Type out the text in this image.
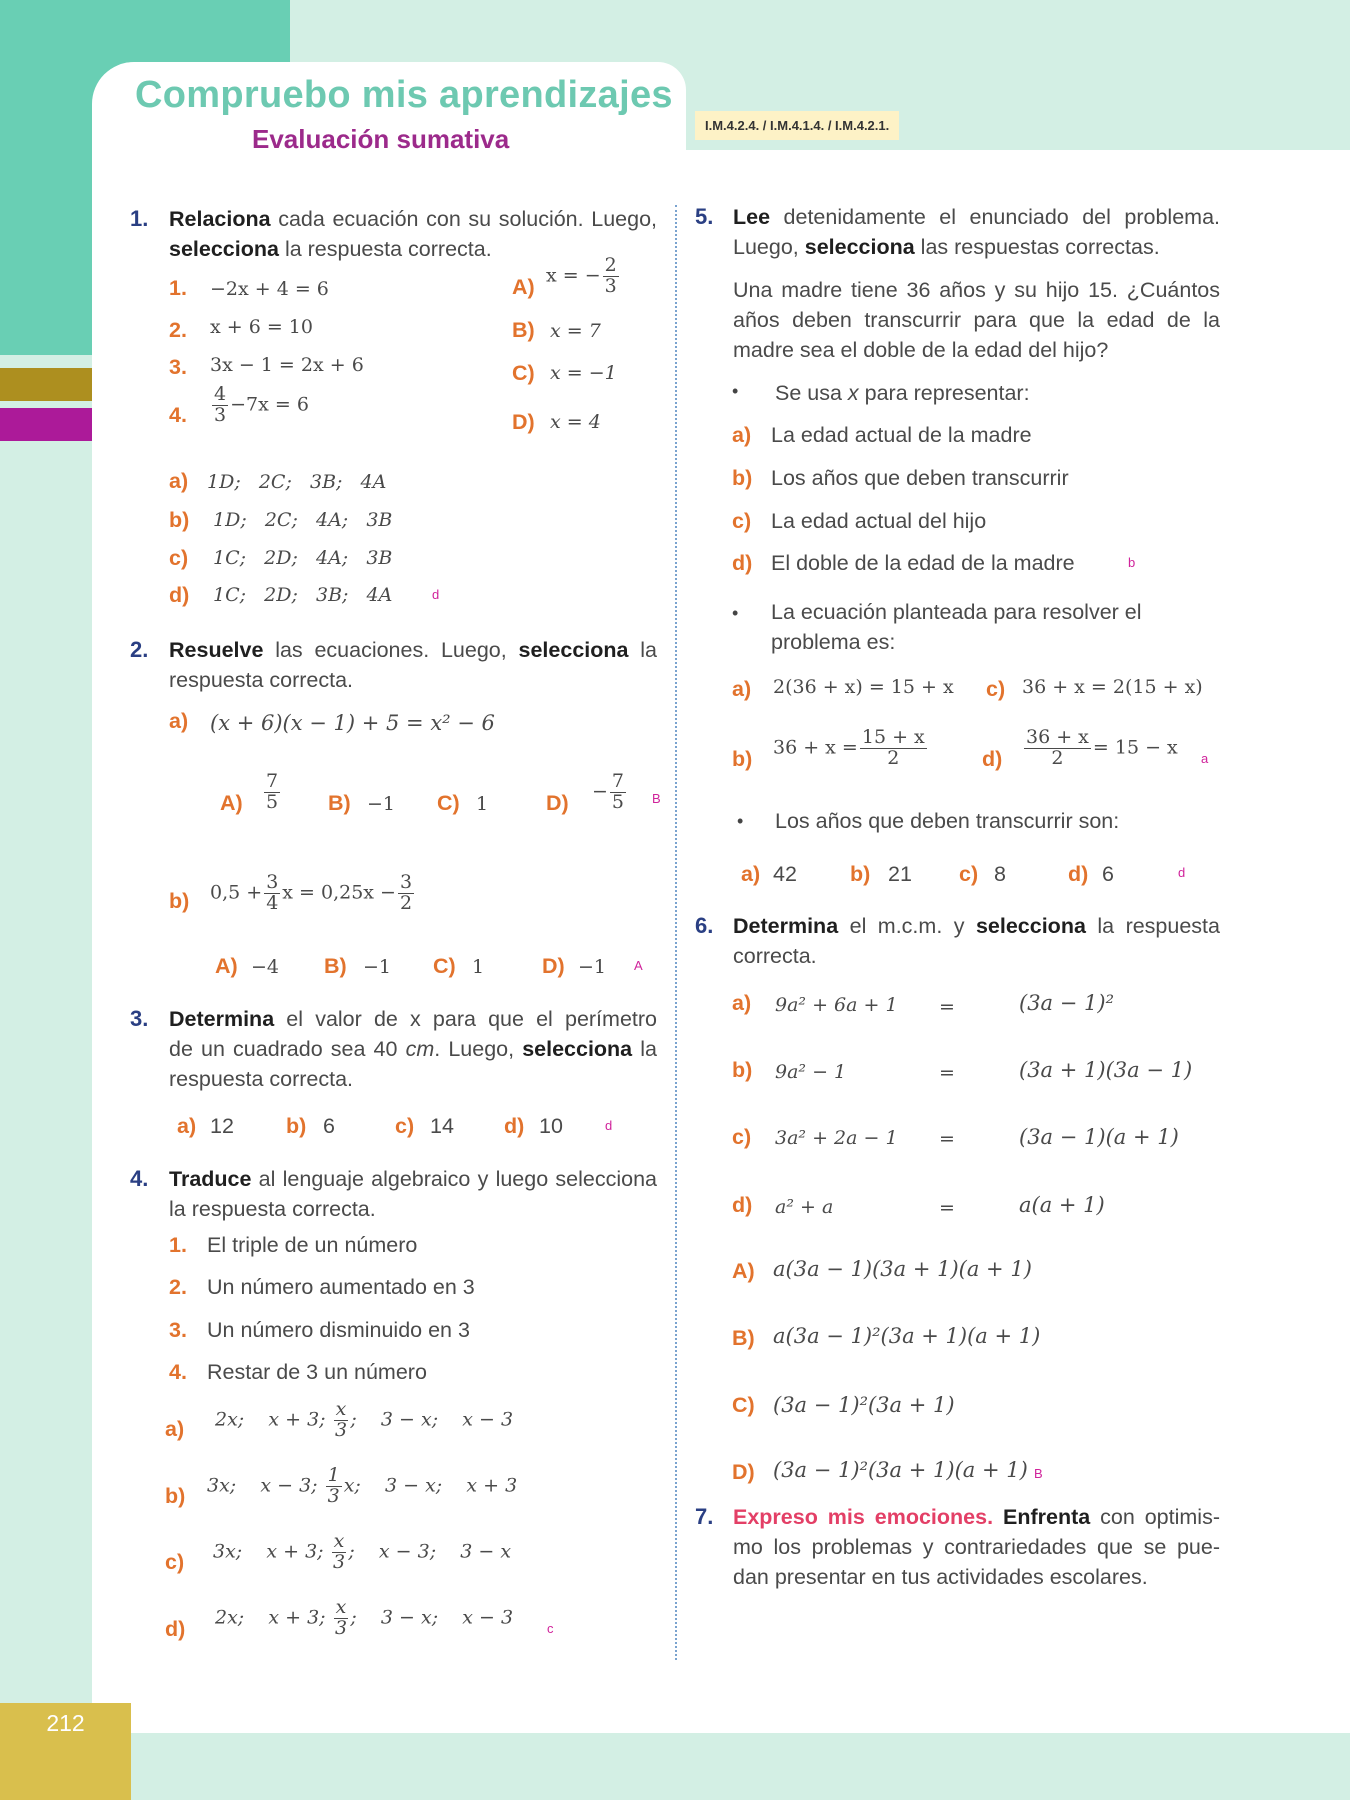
212
Compruebo mis aprendizajes
Evaluación sumativa	I.M.4.2.4. / I.M.4.1.4. / I.M.4.2.1.
1. Relaciona cada ecuación con su solución. Luego,
selecciona la respuesta correcta.
1. −2x + 4 = 6
2. x + 6 = 10
3. 3x − 1 = 2x + 6
4. $\frac{4}{3} -7x = 6$
A) x = − $\frac{2}{3}$
B) x = 7
C) x = −1
D) x = 4
a) 1D;   2C;   3B;   4A
b) 1D;   2C;   4A;   3B
c) 1C;   2D;   4A;   3B
d) 1C;   2D;   3B;   4A	d
2. Resuelve las ecuaciones. Luego, selecciona la
respuesta correcta.
a) (x + 6)(x − 1) + 5 = x² − 6
$A) \frac{7}{5} B) -1$ C) 1	$D) - \frac{7}{5}$ B
b) $0,5 + \frac{3}{4}$ $x = 0,25x - \frac{3}{2}$
A) −4 B) −1 C) 1	D) −1 A
3. Determina el valor de x para que el perímetro
de un cuadrado sea 40 cm. Luego, selecciona la
respuesta correcta.
a) 12 b) 6	c) 14 d) 10	d
4. Traduce al lenguaje algebraico y luego selecciona
la respuesta correcta.
1. El triple de un número
2. Un número aumentado en 3
3. Un número disminuido en 3
4. Restar de 3 un número
a) 2x;    x + 3; $\frac{x}{3}$ ;    3 − x;    x − 3
b) 3x;    x − 3; $\frac{1}{3} x$;    3 − x;    x + 3
c) 3x;    x + 3; $\frac{x}{3}$ ;    x − 3;    3 − x
d) 2x;    x + 3; $\frac{x}{3}$ ;    3 − x;    x − 3
c
5. Lee detenidamente el enunciado del problema.
Luego, selecciona las respuestas correctas.
Una madre tiene 36 años y su hijo 15. ¿Cuántos
años deben transcurrir para que la edad de la
madre sea el doble de la edad del hijo?
• Se usa x para representar:
a) La edad actual de la madre
b) Los años que deben transcurrir
c) La edad actual del hijo
d) El doble de la edad de la madre	b
• La ecuación planteada para resolver el
problema es:
a) 2(36 + x) = 15 + x c) 36 + x = 2(15 + x)
b) $36 + x = \frac{15 + x}{2}$	$d) \frac{36 + x}{2} = 15 - x$
a
• Los años que deben transcurrir son:
a) 42 b) 21 c) 8	d) 6	d
6. Determina el m.c.m. y selecciona la respuesta
correcta.
a) 9a² + 6a + 1 =	(3a − 1)²
b) 9a² − 1	=	(3a + 1)(3a − 1)
c) 3a² + 2a − 1 =	(3a − 1)(a + 1)
d) a² + a	=	a(a + 1)
A) a(3a − 1)(3a + 1)(a + 1)
B) a(3a − 1)²(3a + 1)(a + 1)
C) (3a − 1)²(3a + 1)
D) (3a − 1)²(3a + 1)(a + 1) B
7. Expreso mis emociones. Enfrenta con optimis-
mo los problemas y contrariedades que se pue-
dan presentar en tus actividades escolares.
